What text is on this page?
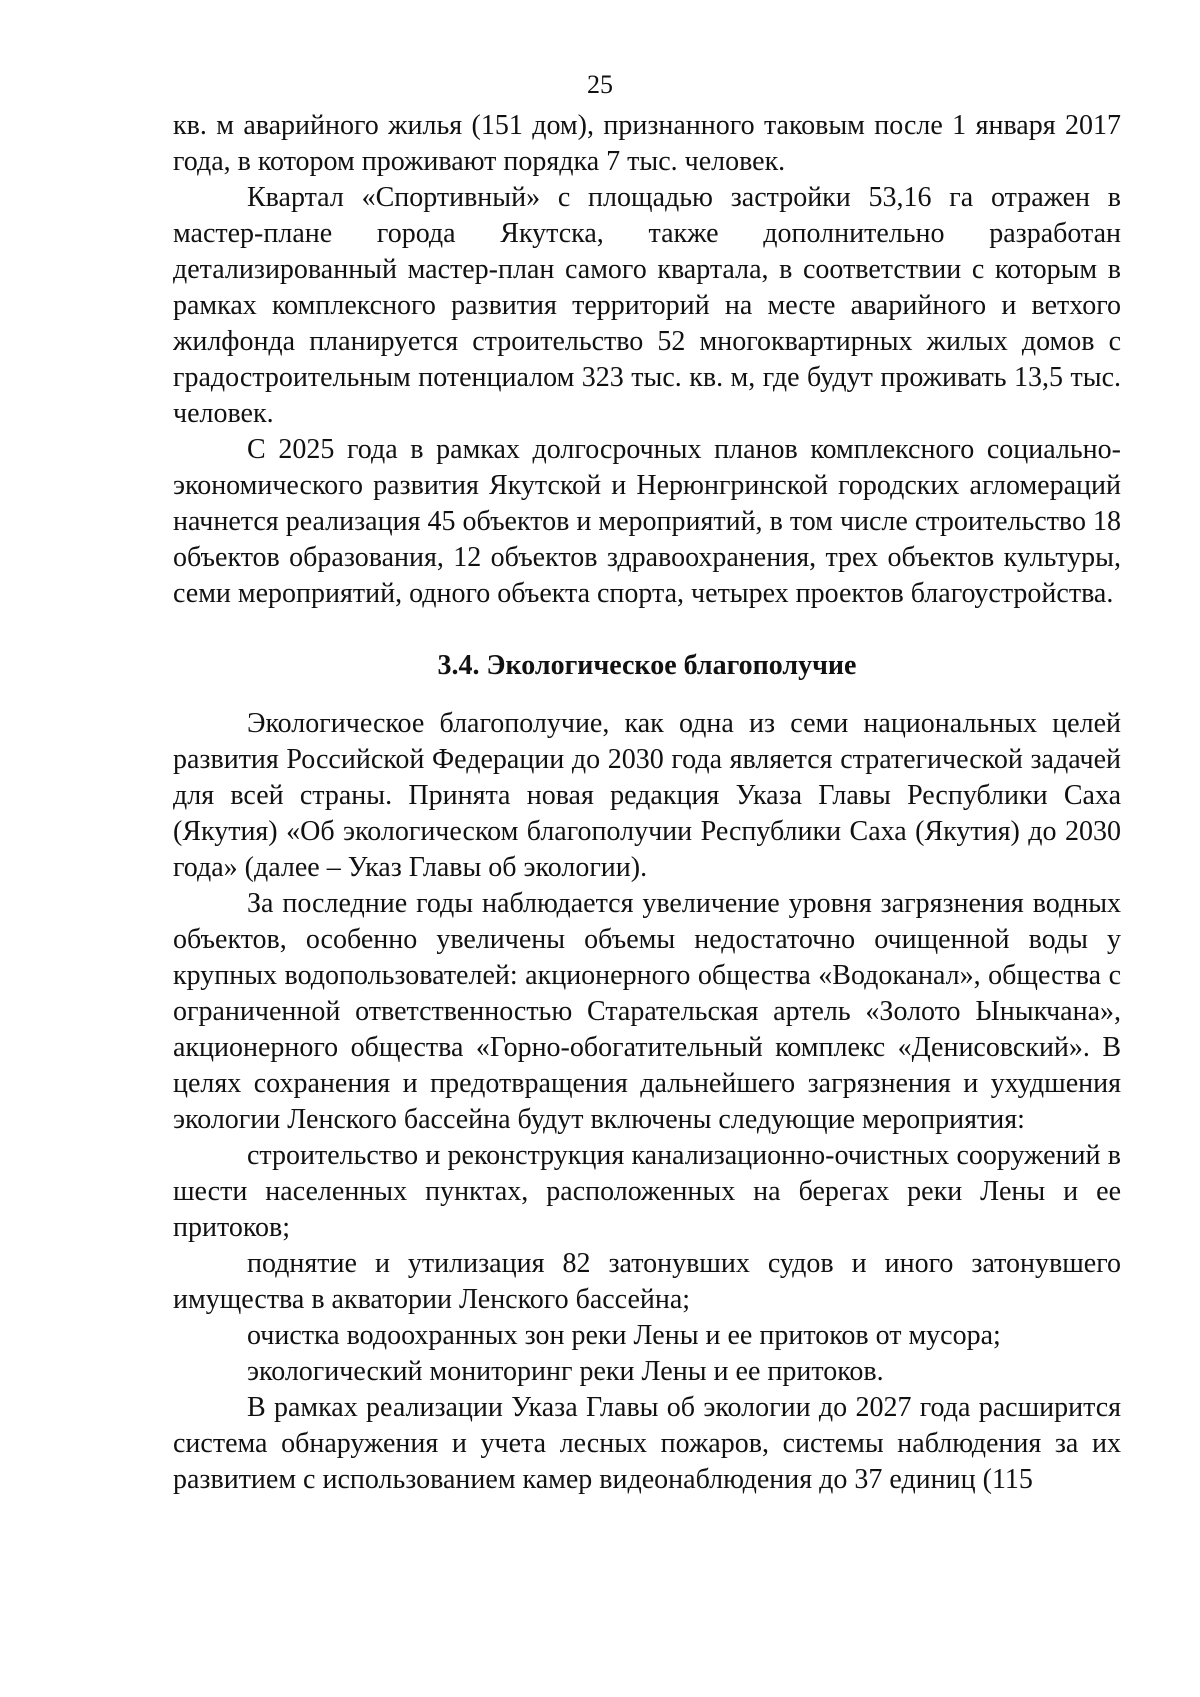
25

кв. м аварийного жилья (151 дом), признанного таковым после 1 января 2017 года, в котором проживают порядка 7 тыс. человек.

Квартал «Спортивный» с площадью застройки 53,16 га отражен в мастер-плане города Якутска, также дополнительно разработан детализированный мастер-план самого квартала, в соответствии с которым в рамках комплексного развития территорий на месте аварийного и ветхого жилфонда планируется строительство 52 многоквартирных жилых домов с градостроительным потенциалом 323 тыс. кв. м, где будут проживать 13,5 тыс. человек.

С 2025 года в рамках долгосрочных планов комплексного социально-экономического развития Якутской и Нерюнгринской городских агломераций начнется реализация 45 объектов и мероприятий, в том числе строительство 18 объектов образования, 12 объектов здравоохранения, трех объектов культуры, семи мероприятий, одного объекта спорта, четырех проектов благоустройства.

3.4. Экологическое благополучие

Экологическое благополучие, как одна из семи национальных целей развития Российской Федерации до 2030 года является стратегической задачей для всей страны. Принята новая редакция Указа Главы Республики Саха (Якутия) «Об экологическом благополучии Республики Саха (Якутия) до 2030 года» (далее – Указ Главы об экологии).

За последние годы наблюдается увеличение уровня загрязнения водных объектов, особенно увеличены объемы недостаточно очищенной воды у крупных водопользователей: акционерного общества «Водоканал», общества с ограниченной ответственностью Старательская артель «Золото Ыныкчана», акционерного общества «Горно-обогатительный комплекс «Денисовский». В целях сохранения и предотвращения дальнейшего загрязнения и ухудшения экологии Ленского бассейна будут включены следующие мероприятия:

строительство и реконструкция канализационно-очистных сооружений в шести населенных пунктах, расположенных на берегах реки Лены и ее притоков;

поднятие и утилизация 82 затонувших судов и иного затонувшего имущества в акватории Ленского бассейна;

очистка водоохранных зон реки Лены и ее притоков от мусора;

экологический мониторинг реки Лены и ее притоков.

В рамках реализации Указа Главы об экологии до 2027 года расширится система обнаружения и учета лесных пожаров, системы наблюдения за их развитием с использованием камер видеонаблюдения до 37 единиц (115
